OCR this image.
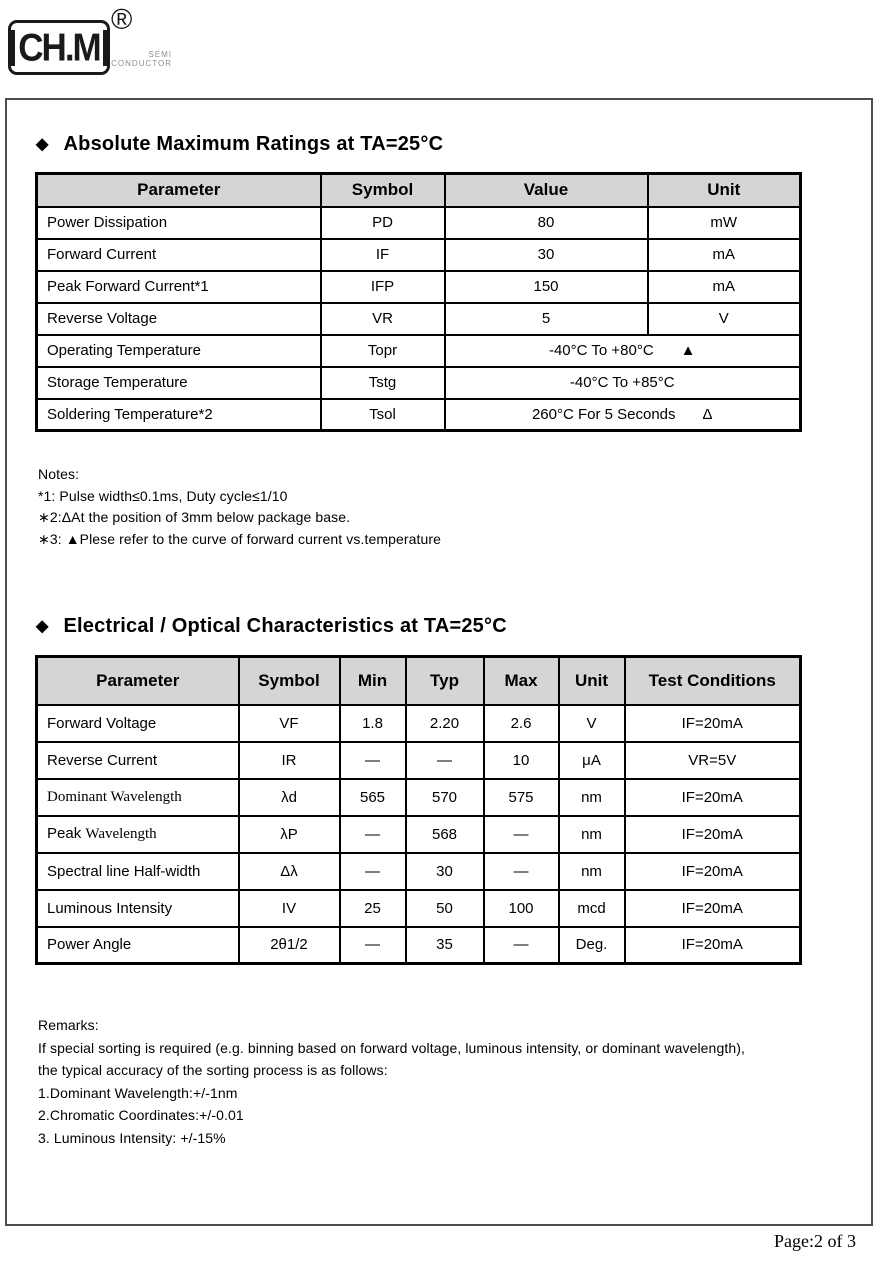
CH.M
®
SEMI
CONDUCTOR
◆ Absolute Maximum Ratings at TA=25°C
Parameter	Symbol	Value	Unit
Power Dissipation	PD	80	mW
Forward Current	IF	30	mA
Peak Forward Current*1	IFP	150	mA
Reverse Voltage	VR	5	V
Operating Temperature	Topr	-40°C To +80°C ▲	
Storage Temperature	Tstg	-40°C To +85°C	
Soldering Temperature*2	Tsol	260°C For 5 Seconds Δ	
Notes:
*1: Pulse width≤0.1ms, Duty cycle≤1/10
∗2:ΔAt the position of 3mm below package base.
∗3: ▲Plese refer to the curve of forward current vs.temperature
◆ Electrical / Optical Characteristics at TA=25°C
Parameter	Symbol	Min	Typ	Max	Unit	Test Conditions
Forward Voltage	VF	1.8	2.20	2.6	V	IF=20mA
Reverse Current	IR	—	—	10	μA	VR=5V
Dominant Wavelength	λd	565	570	575	nm	IF=20mA
Peak Wavelength	λP	—	568	—	nm	IF=20mA
Spectral line Half-width	Δλ	—	30	—	nm	IF=20mA
Luminous Intensity	IV	25	50	100	mcd	IF=20mA
Power Angle	2θ1/2	—	35	—	Deg.	IF=20mA
Remarks:
If special sorting is required (e.g. binning based on forward voltage, luminous intensity, or dominant wavelength),
the typical accuracy of the sorting process is as follows:
1.Dominant Wavelength:+/-1nm
2.Chromatic Coordinates:+/-0.01
3. Luminous Intensity: +/-15%
Page:2 of 3
